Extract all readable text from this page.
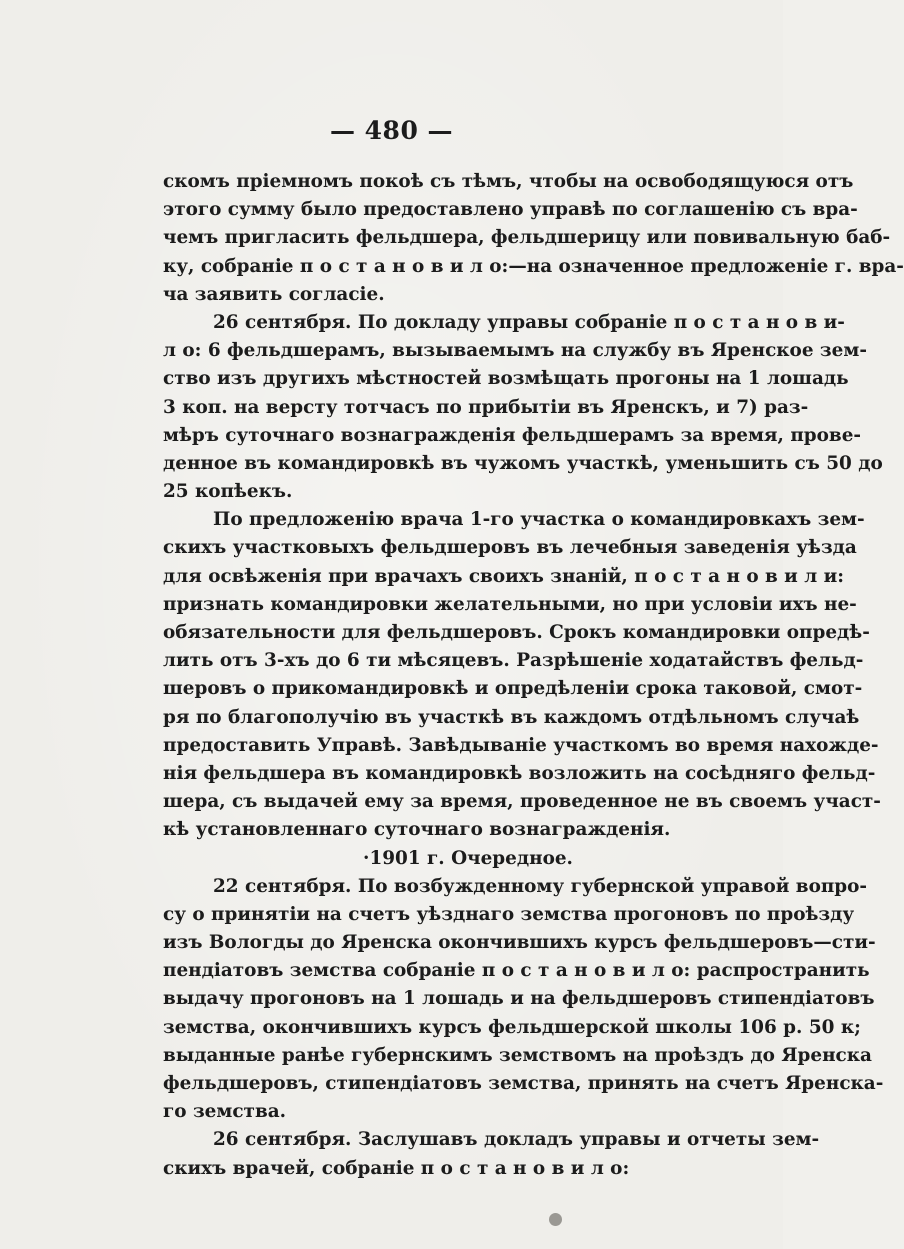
— 480 —
скомъ пріемномъ покоѣ съ тѣмъ, чтобы на освободящуюся отъ
этого сумму было предоставлено управѣ по соглашенію съ вра-
чемъ пригласить фельдшера, фельдшерицу или повивальную баб-
ку, собраніе п о с т а н о в и л о:—на означенное предложеніе г. вра-
ча заявить согласіе.
26 сентября. По докладу управы собраніе п о с т а н о в и-
л о: 6 фельдшерамъ, вызываемымъ на службу въ Яренское зем-
ство изъ другихъ мѣстностей возмѣщать прогоны на 1 лошадь
3 коп. на версту тотчасъ по прибытіи въ Яренскъ, и 7) раз-
мѣръ суточнаго вознагражденія фельдшерамъ за время, прове-
денное въ командировкѣ въ чужомъ участкѣ, уменьшить съ 50 до
25 копѣекъ.
По предложенію врача 1-го участка о командировкахъ зем-
скихъ участковыхъ фельдшеровъ въ лечебныя заведенія уѣзда
для освѣженія при врачахъ своихъ знаній, п о с т а н о в и л и:
признать командировки желательными, но при условіи ихъ не-
обязательности для фельдшеровъ. Срокъ командировки опредѣ-
лить отъ 3-хъ до 6 ти мѣсяцевъ. Разрѣшеніе ходатайствъ фельд-
шеровъ о прикомандировкѣ и опредѣленіи срока таковой, смот-
ря по благополучію въ участкѣ въ каждомъ отдѣльномъ случаѣ
предоставить Управѣ. Завѣдываніе участкомъ во время нахожде-
нія фельдшера въ командировкѣ возложить на сосѣдняго фельд-
шера, съ выдачей ему за время, проведенное не въ своемъ участ-
кѣ установленнаго суточнаго вознагражденія.
·1901 г. Очередное.
22 сентября. По возбужденному губернской управой вопро-
су о принятіи на счетъ уѣзднаго земства прогоновъ по проѣзду
изъ Вологды до Яренска окончившихъ курсъ фельдшеровъ—сти-
пендіатовъ земства собраніе п о с т а н о в и л о: распространить
выдачу прогоновъ на 1 лошадь и на фельдшеровъ стипендіатовъ
земства, окончившихъ курсъ фельдшерской школы 106 р. 50 к;
выданные ранѣе губернскимъ земствомъ на проѣздъ до Яренска
фельдшеровъ, стипендіатовъ земства, принять на счетъ Яренска-
го земства.
26 сентября. Заслушавъ докладъ управы и отчеты зем-
скихъ врачей, собраніе п о с т а н о в и л о:
